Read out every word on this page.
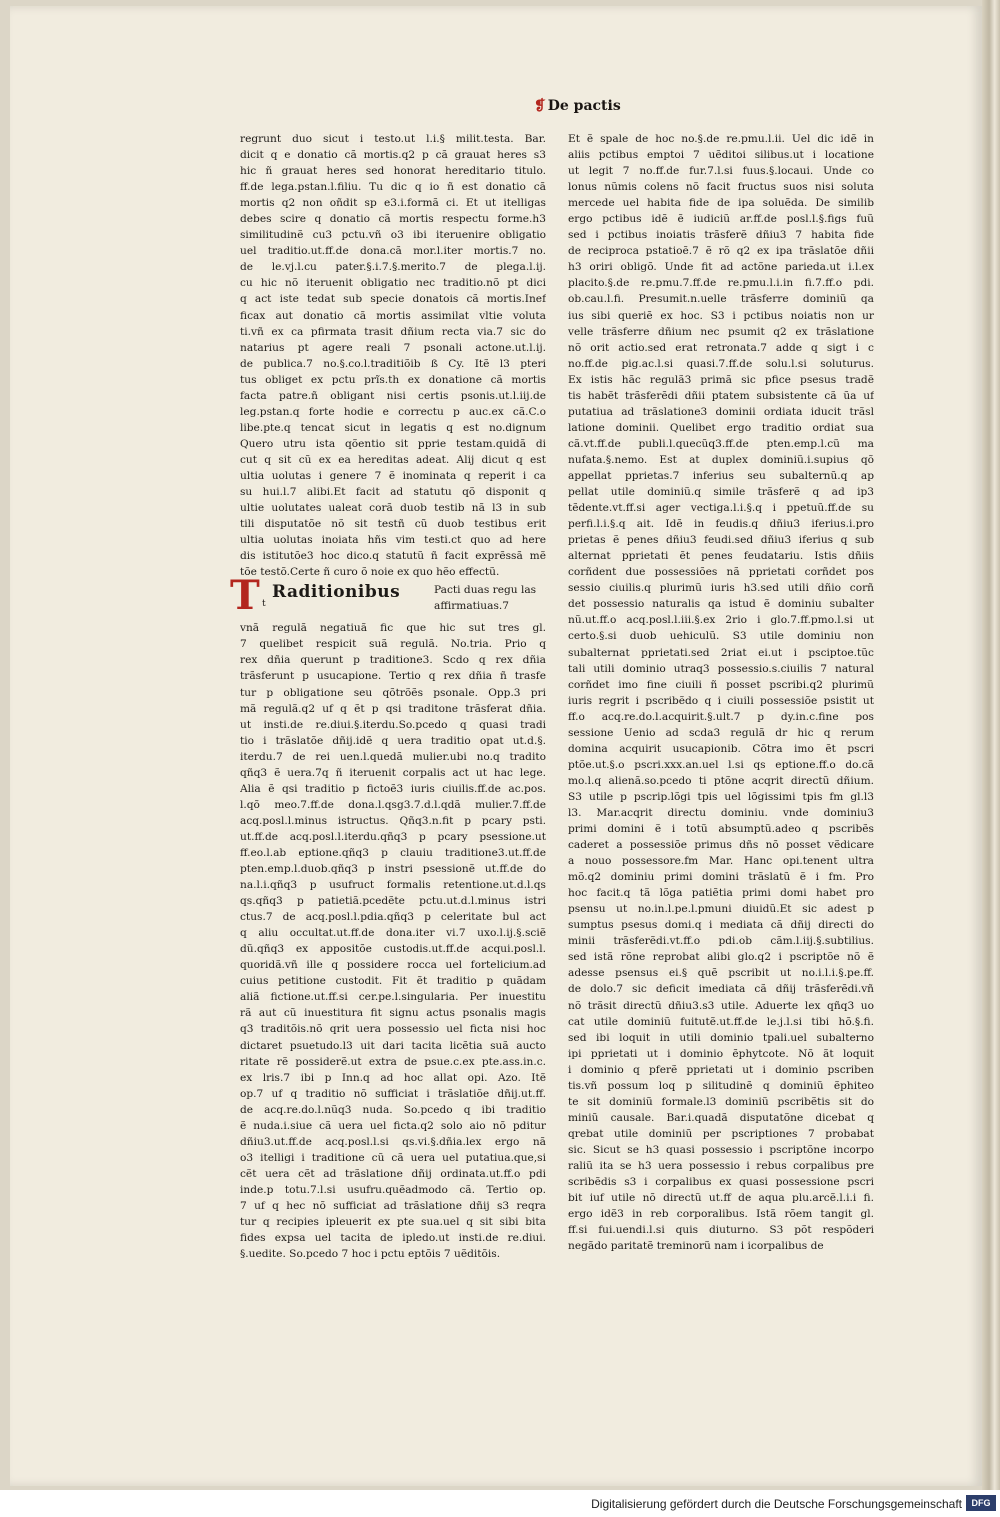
❡ De pactis
regrunt duo sicut i testo.ut l.i.§ milit.testa. Bar.
dicit q e donatio cã mortis.q2 p cã grauat heres s3
hic ñ grauat heres sed honorat hereditario titulo.
ff.de lega.pstan.l.filiu. Tu dic q io ñ est donatio cã
mortis q2 non oñdit sp e3.i.formã ci. Et ut itelligas
debes scire q donatio cã mortis respectu forme.h3
similitudinẽ cu3 pctu.vñ o3 ibi iteruenire obligatio
uel traditio.ut.ff.de dona.cã mor.l.iter mortis.7 no.
de le.vj.l.cu pater.§.i.7.§.merito.7 de plega.l.ij.
cu hic nõ iteruenit obligatio nec traditio.nõ pt dici
q act iste tedat sub specie donatois cã mortis.Inef
ficax aut donatio cã mortis assimilat vltie voluta
ti.vñ ex ca pfirmata trasit dñium recta via.7 sic do
natarius pt agere reali 7 psonali actone.ut.l.ij.
de publica.7 no.§.co.l.traditiõib ß Cy. Itẽ l3 pteri
tus obliget ex pctu prĩs.th ex donatione cã mortis
facta patre.ñ obligant nisi certis psonis.ut.l.iij.de
leg.pstan.q forte hodie e correctu p auc.ex cã.C.o
libe.pte.q tencat sicut in legatis q est no.dignum
Quero utru ista qõentio sit pprie testam.quidã di
cut q sit cũ ex ea hereditas adeat. Alij dicut q est
ultia uolutas i genere 7 ẽ inominata q reperit i ca
su hui.l.7 alibi.Et facit ad statutu qõ disponit q
ultie uolutates ualeat corã duob testib nã l3 in sub
tili disputatõe nõ sit testñ cũ duob testibus erit
ultia uolutas inoiata hñs vim testi.ct quo ad here
dis istitutõe3 hoc dico.q statutũ ñ facit exprẽssã mẽ
tõe testõ.Certe ñ curo õ noie ex quo hẽo effectũ.
T t
Raditionibus	Pacti duas regu las affirmatiuas.7
vnã regulã negatiuã fic que hic sut tres gl.
7 quelibet respicit suã regulã. No.tria. Prio q
rex dñia querunt p traditione3. Scdo q rex dñia
trãsferunt p usucapione. Tertio q rex dñia ñ trasfe
tur p obligatione seu qõtrõẽs psonale. Opp.3 pri
mã regulã.q2 uf q ẽt p qsi traditone trãsferat dñia.
ut insti.de re.diui.§.iterdu.So.pcedo q quasi tradi
tio i trãslatõe dñij.idẽ q uera traditio opat ut.d.§.
iterdu.7 de rei uen.l.quedã mulier.ubi no.q tradito
qñq3 ẽ uera.7q ñ iteruenit corpalis act ut hac lege.
Alia ẽ qsi traditio p fictoẽ3 iuris ciuilis.ff.de ac.pos.
l.qõ meo.7.ff.de dona.l.qsg3.7.d.l.qdã mulier.7.ff.de
acq.posl.l.minus istructus. Qñq3.n.fit p pcary psti.
ut.ff.de acq.posl.l.iterdu.qñq3 p pcary psessione.ut
ff.eo.l.ab eptione.qñq3 p clauiu traditione3.ut.ff.de
pten.emp.l.duob.qñq3 p instri psessionẽ ut.ff.de do
na.l.i.qñq3 p usufruct formalis retentione.ut.d.l.qs
qs.qñq3 p patietiã.pcedẽte pctu.ut.d.l.minus istri
ctus.7 de acq.posl.l.pdia.qñq3 p celeritate bul act
q aliu occultat.ut.ff.de dona.iter vi.7 uxo.l.ij.§.sciẽ
dũ.qñq3 ex appositõe custodis.ut.ff.de acqui.posl.l.
quoridã.vñ ille q possidere rocca uel fortelicium.ad
cuius petitione custodit. Fit ẽt traditio p quãdam
aliã fictione.ut.ff.si cer.pe.l.singularia. Per inuestitu
rã aut cũ inuestitura fit signu actus psonalis magis
q3 traditõis.nõ qrit uera possessio uel ficta nisi hoc
dictaret psuetudo.l3 uit dari tacita licẽtia suã aucto
ritate rẽ possiderẽ.ut extra de psue.c.ex pte.ass.in.c.
ex lris.7 ibi p Inn.q ad hoc allat opi. Azo. Itẽ
op.7 uf q traditio nõ sufficiat i trãslatiõe dñij.ut.ff.
de acq.re.do.l.nũq3 nuda. So.pcedo q ibi traditio
ẽ nuda.i.siue cã uera uel ficta.q2 solo aio nõ pditur
dñiu3.ut.ff.de acq.posl.l.si qs.vi.§.dñia.lex ergo nã
o3 itelligi i traditione cũ cã uera uel putatiua.que,si
cẽt uera cẽt ad trãslatione dñij ordinata.ut.ff.o pdi
inde.p totu.7.l.si usufru.quẽadmodo cã. Tertio op.
7 uf q hec nõ sufficiat ad trãslatione dñij s3 reqra
tur q recipies ipleuerit ex pte sua.uel q sit sibi bita
fides expsa uel tacita de ipledo.ut insti.de re.diui.
§.uedite. So.pcedo 7 hoc i pctu eptõis 7 uẽditõis.
Et ẽ spale de hoc no.§.de re.pmu.l.ii. Uel dic idẽ in
aliis pctibus emptoi 7 uẽditoi silibus.ut i locatione
ut legit 7 no.ff.de fur.7.l.si fuus.§.locaui. Unde co
lonus nũmis colens nõ facit fructus suos nisi soluta
mercede uel habita fide de ipa soluẽda. De similib
ergo pctibus idẽ ẽ iudiciũ ar.ff.de posl.l.§.figs fuũ
sed i pctibus inoiatis trãsferẽ dñiu3 7 habita fide
de reciproca pstatioẽ.7 ẽ rõ q2 ex ipa trãslatõe dñii
h3 oriri obligõ. Unde fit ad actõne parieda.ut i.l.ex
placito.§.de re.pmu.7.ff.de re.pmu.l.i.in fi.7.ff.o pdi.
ob.cau.l.fi. Presumit.n.uelle trãsferre dominiũ qa
ius sibi queriẽ ex hoc. S3 i pctibus noiatis non ur
velle trãsferre dñium nec psumit q2 ex trãslatione
nõ orit actio.sed erat retronata.7 adde q sigt i c
no.ff.de pig.ac.l.si quasi.7.ff.de solu.l.si soluturus.
Ex istis hãc regulã3 primã sic pfice psesus tradẽ
tis habẽt trãsferẽdi dñii ptatem subsistente cã ũa uf
putatiua ad trãslatione3 dominii ordiata iducit trãsl
latione dominii. Quelibet ergo traditio ordiat sua
cã.vt.ff.de publi.l.quecũq3.ff.de pten.emp.l.cũ ma
nufata.§.nemo. Est at duplex dominiũ.i.supius qõ
appellat pprietas.7 inferius seu subalternũ.q ap
pellat utile dominiũ.q simile trãsferẽ q ad ip3
tẽdente.vt.ff.si ager vectiga.l.i.§.q i ppetuũ.ff.de su
perfi.l.i.§.q ait. Idẽ in feudis.q dñiu3 iferius.i.pro
prietas ẽ penes dñiu3 feudi.sed dñiu3 iferius q sub
alternat pprietati ẽt penes feudatariu. Istis dñiis
corñdent due possessiões nã pprietati corñdet pos
sessio ciuilis.q plurimũ iuris h3.sed utili dñio corñ
det possessio naturalis qa istud ẽ dominiu subalter
nũ.ut.ff.o acq.posl.l.iii.§.ex 2rio i glo.7.ff.pmo.l.si ut
certo.§.si duob uehiculũ. S3 utile dominiu non
subalternat pprietati.sed 2riat ei.ut i psciptoe.tũc
tali utili dominio utraq3 possessio.s.ciuilis 7 natural
corñdet imo fine ciuili ñ posset pscribi.q2 plurimũ
iuris regrit i pscribẽdo q i ciuili possessiõe psistit ut
ff.o acq.re.do.l.acquirit.§.ult.7 p dy.in.c.fine pos
sessione Uenio ad scda3 regulã dr hic q rerum
domina acquirit usucapionib. Cõtra imo ẽt pscri
ptõe.ut.§.o pscri.xxx.an.uel l.si qs eptione.ff.o do.cã
mo.l.q alienã.so.pcedo ti ptõne acqrit directũ dñium.
S3 utile p pscrip.lõgi tpis uel lõgissimi tpis fm gl.l3
l3. Mar.acqrit directu dominiu. vnde dominiu3
primi domini ẽ i totũ absumptũ.adeo q pscribẽs
caderet a possessiõe primus dñs nõ posset vẽdicare
a nouo possessore.fm Mar. Hanc opi.tenent ultra
mõ.q2 dominiu primi domini trãslatũ ẽ i fm. Pro
hoc facit.q tã lõga patiẽtia primi domi habet pro
psensu ut no.in.l.pe.l.pmuni diuidũ.Et sic adest p
sumptus psesus domi.q i mediata cã dñij directi do
minii trãsferẽdi.vt.ff.o pdi.ob cãm.l.iij.§.subtilius.
sed istã rõne reprobat alibi glo.q2 i pscriptõe nõ ẽ
adesse psensus ei.§ quẽ pscribit ut no.i.l.i.§.pe.ff.
de dolo.7 sic deficit imediata cã dñij trãsferẽdi.vñ
nõ trãsit directũ dñiu3.s3 utile. Aduerte lex qñq3 uo
cat utile dominiũ fuitutẽ.ut.ff.de le.j.l.si tibi hõ.§.fi.
sed ibi loquit in utili dominio tpali.uel subalterno
ipi pprietati ut i dominio ẽphytcote. Nõ ãt loquit
i dominio q pferẽ pprietati ut i dominio pscriben
tis.vñ possum loq p silitudinẽ q dominiũ ẽphiteo
te sit dominiũ formale.l3 dominiũ pscribẽtis sit do
miniũ causale. Bar.i.quadã disputatõne dicebat q
qrebat utile dominiũ per pscriptiones 7 probabat
sic. Sicut se h3 quasi possessio i pscriptõne incorpo
raliũ ita se h3 uera possessio i rebus corpalibus pre
scribẽdis s3 i corpalibus ex quasi possessione pscri
bit iuf utile nõ directũ ut.ff de aqua plu.arcẽ.l.i.i fi.
ergo idẽ3 in reb corporalibus. Istã rõem tangit gl.
ff.si fui.uendi.l.si quis diuturno. S3 põt respõderi
negãdo paritatẽ treminorũ nam i icorpalibus de
Digitalisierung gefördert durch die Deutsche Forschungsgemeinschaft	DFG
